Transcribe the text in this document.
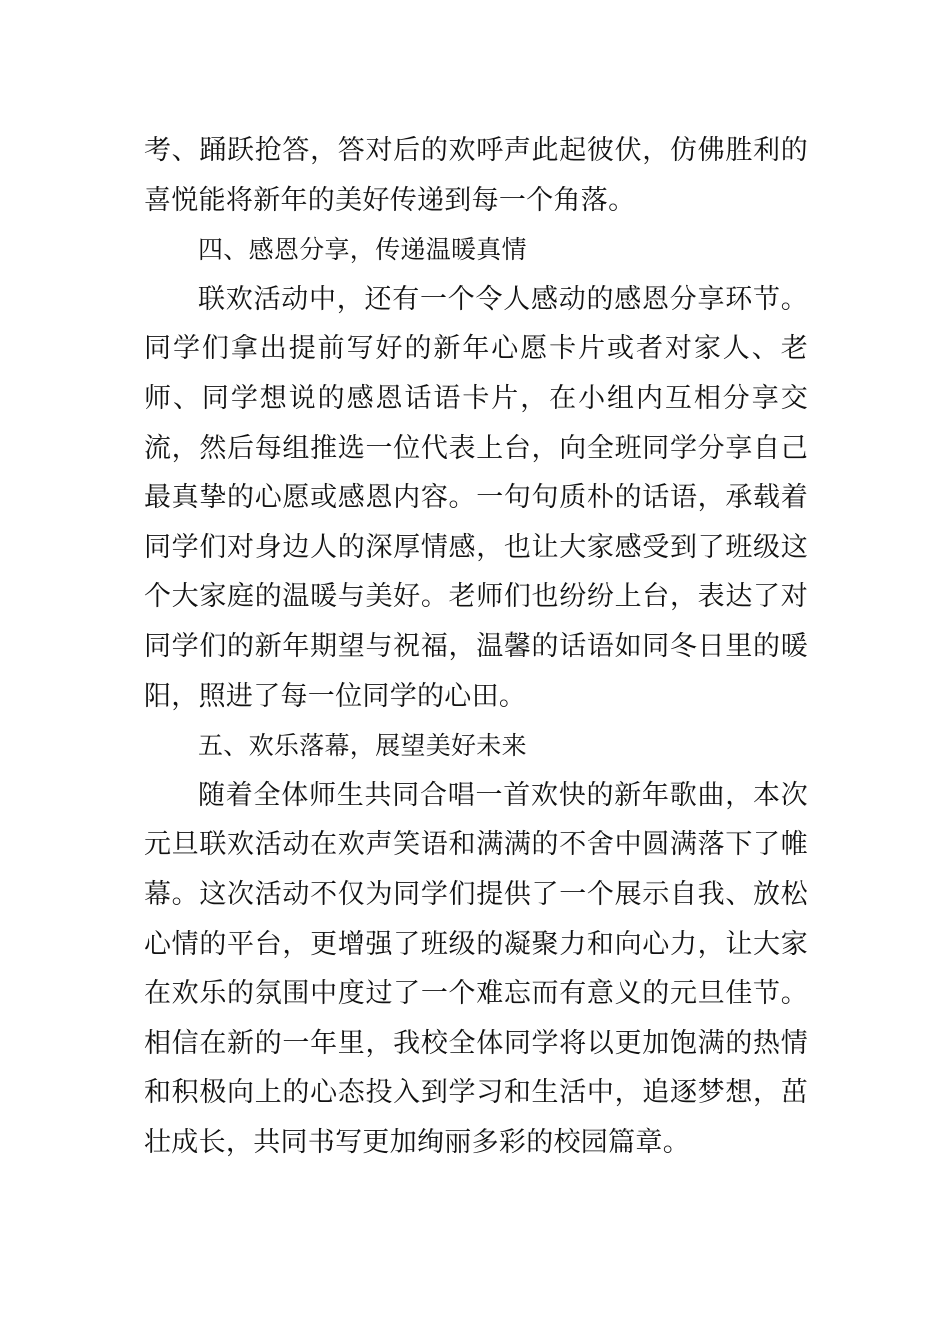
考、踊跃抢答，答对后的欢呼声此起彼伏，仿佛胜利的喜悦能将新年的美好传递到每一个角落。

四、感恩分享，传递温暖真情

联欢活动中，还有一个令人感动的感恩分享环节。同学们拿出提前写好的新年心愿卡片或者对家人、老师、同学想说的感恩话语卡片，在小组内互相分享交流，然后每组推选一位代表上台，向全班同学分享自己最真挚的心愿或感恩内容。一句句质朴的话语，承载着同学们对身边人的深厚情感，也让大家感受到了班级这个大家庭的温暖与美好。老师们也纷纷上台，表达了对同学们的新年期望与祝福，温馨的话语如同冬日里的暖阳，照进了每一位同学的心田。

五、欢乐落幕，展望美好未来

随着全体师生共同合唱一首欢快的新年歌曲，本次元旦联欢活动在欢声笑语和满满的不舍中圆满落下了帷幕。这次活动不仅为同学们提供了一个展示自我、放松心情的平台，更增强了班级的凝聚力和向心力，让大家在欢乐的氛围中度过了一个难忘而有意义的元旦佳节。相信在新的一年里，我校全体同学将以更加饱满的热情和积极向上的心态投入到学习和生活中，追逐梦想，茁壮成长，共同书写更加绚丽多彩的校园篇章。
